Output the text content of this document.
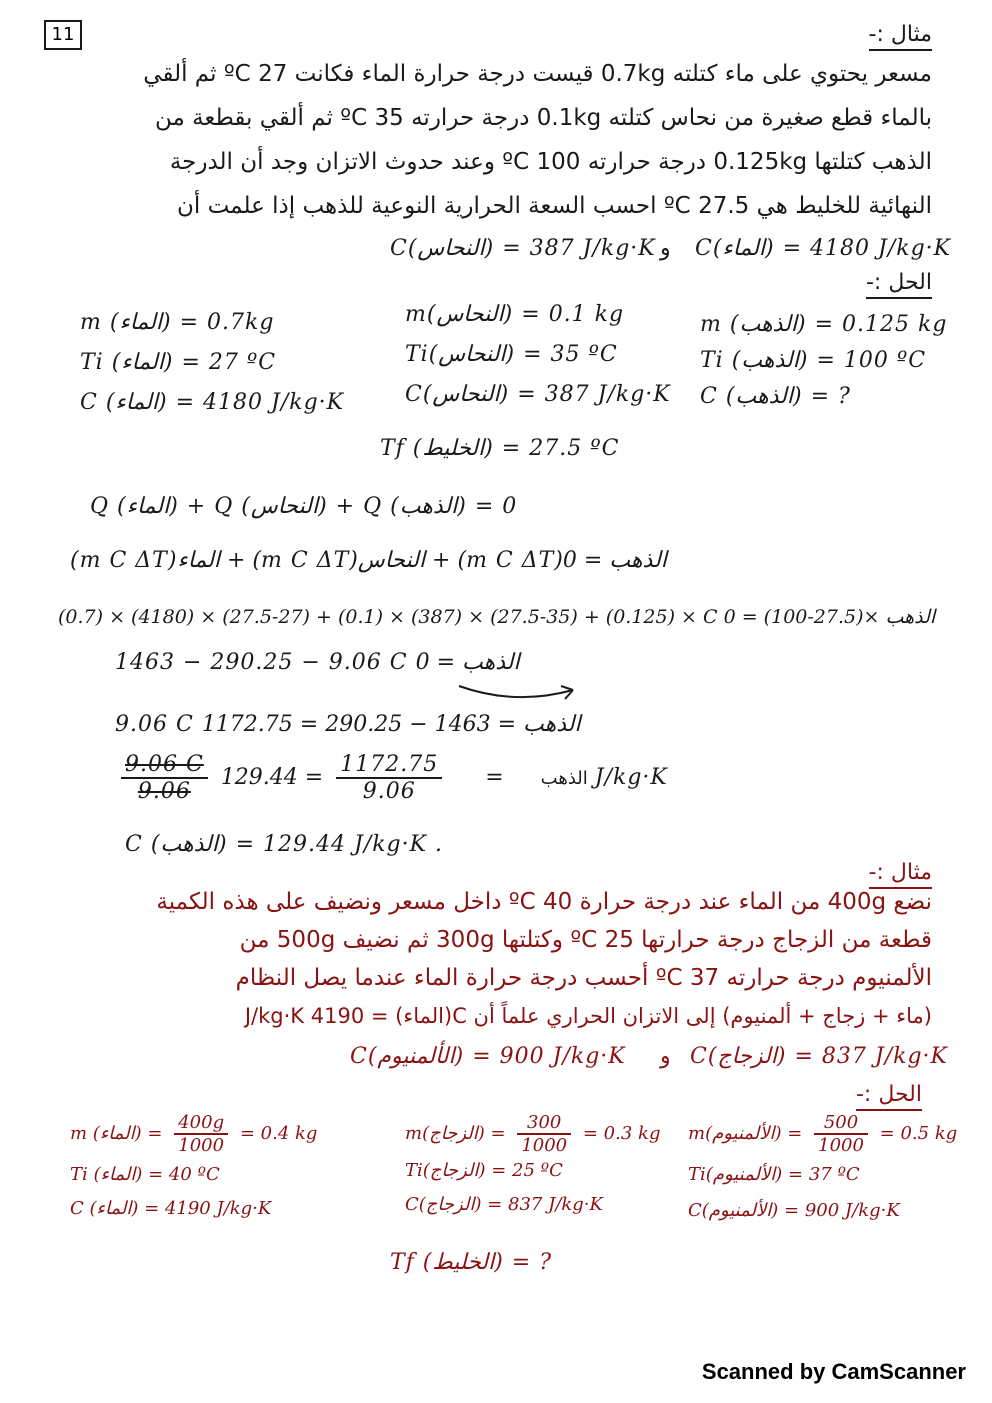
11	مثال :-
مسعر يحتوي على ماء كتلته 0.7kg قيست درجة حرارة الماء فكانت 27 ºC ثم ألقي
بالماء قطع صغيرة من نحاس كتلته 0.1kg درجة حرارته 35 ºC ثم ألقي بقطعة من
الذهب كتلتها 0.125kg درجة حرارته 100 ºC وعند حدوث الاتزان وجد أن الدرجة
النهائية للخليط هي 27.5 ºC احسب السعة الحرارية النوعية للذهب إذا علمت أن
C(النحاس) = 387 J/kg·K و C(الماء) = 4180 J/kg·K
الحل :-
m (الماء) = 0.7kg
Ti (الماء) = 27 ºC
C (الماء) = 4180 J/kg·K
m(النحاس) = 0.1 kg
Ti(النحاس) = 35 ºC
C(النحاس) = 387 J/kg·K
m (الذهب) = 0.125 kg
Ti (الذهب) = 100 ºC
C (الذهب) = ?
Tf (الخليط) = 27.5 ºC
Q (الماء) + Q (النحاس) + Q (الذهب) = 0
(m C ΔT)الماء + (m C ΔT)النحاس + (m C ΔT)الذهب = 0
(0.7) × (4180) × (27.5-27) + (0.1) × (387) × (27.5-35) + (0.125) × C الذهب ×(27.5-100) = 0
1463 − 290.25 − 9.06 C الذهب = 0
9.06 C الذهب = 1463 − 290.25 = 1172.75
$\frac{9.06 C}{9.06}$	الذهب =
$\frac{1172.75}{9.06}$
= 129.44 J/kg·K
C (الذهب) = 129.44 J/kg·K .
مثال :-
نضع 400g من الماء عند درجة حرارة 40 ºC داخل مسعر ونضيف على هذه الكمية
قطعة من الزجاج درجة حرارتها 25 ºC وكتلتها 300g ثم نضيف 500g من
الألمنيوم درجة حرارته 37 ºC أحسب درجة حرارة الماء عندما يصل النظام
(ماء + زجاج + ألمنيوم) إلى الاتزان الحراري علماً أن C(الماء) = 4190 J/kg·K
C(الألمنيوم) = 900 J/kg·K و C(الزجاج) = 837 J/kg·K
الحل :-
m (الماء) = $\frac{400g}{1000} = 0.4$ kg
Ti (الماء) = 40 ºC
C (الماء) = 4190 J/kg·K
m(الزجاج) = $\frac{300}{1000} = 0.3$ kg
Ti(الزجاج) = 25 ºC
C(الزجاج) = 837 J/kg·K
m(الألمنيوم) = $\frac{500}{1000} = 0.5$ kg
Ti(الألمنيوم) = 37 ºC
C(الألمنيوم) = 900 J/kg·K
Tf (الخليط) = ?
Scanned by CamScanner
